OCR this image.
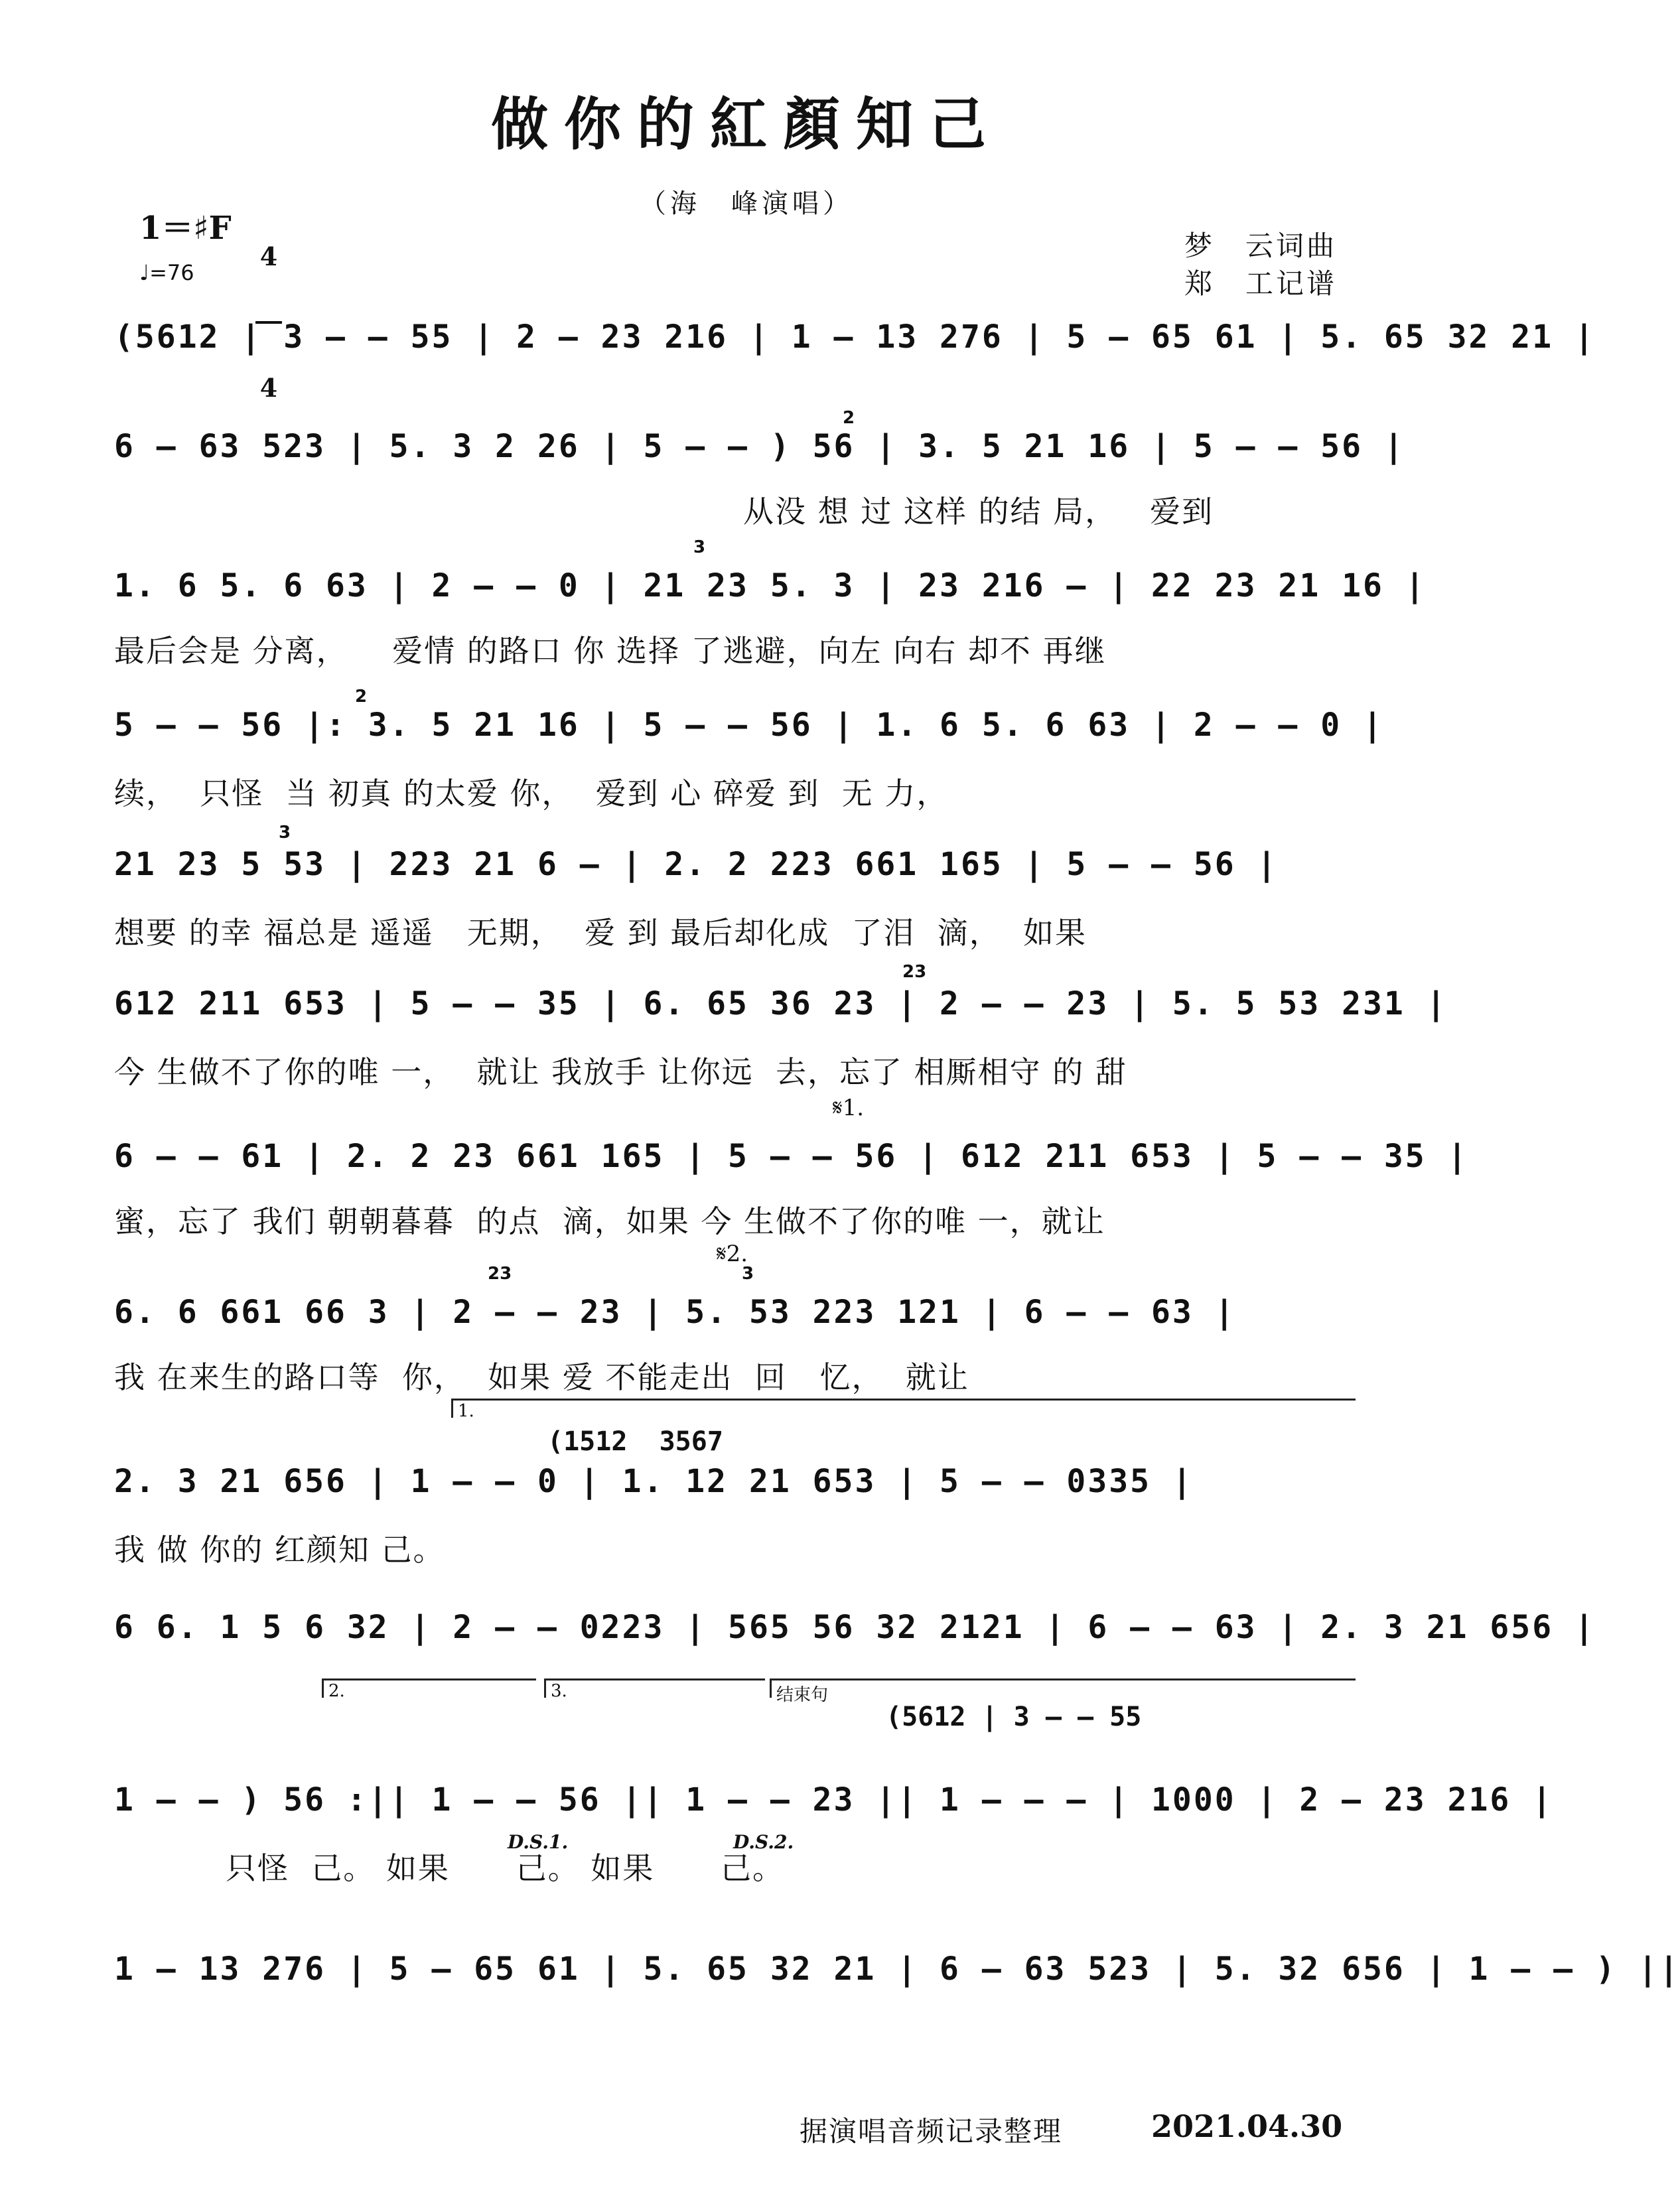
做你的紅顏知己
（海　峰演唱）
1＝♯F

4

4

♩=76
梦　云词曲
郑　工记谱
(5612 | 3 – – 55 | 2 – 23 216 | 1 – 13 276 | 5 – 65 61 | 5. 65 32 21 |
6 – 63 523 | 5. 3 2 26 | 5 – – ) 56 | 3. 5 21 16 | 5 – – 56 |
从没 想 过 这样 的结 局，   爱到
1. 6 5. 6 63 | 2 – – 0 | 21 23 5. 3 | 23 216 – | 22 23 21 16 |
最后会是 分离，    爱情 的路口 你 选择 了逃避，向左 向右 却不 再继
5 – – 56 |: 3. 5 21 16 | 5 – – 56 | 1. 6 5. 6 63 | 2 – – 0 |
续，  只怪  当 初真 的太爱 你，  爱到 心 碎爱 到  无 力，
21 23 5 53 | 223 21 6 – | 2. 2 223 661 165 | 5 – – 56 |
想要 的幸 福总是 遥遥   无期，  爱 到 最后却化成  了泪  滴，  如果
612 211 653 | 5 – – 35 | 6. 65 36 23 | 2 – – 23 | 5. 5 53 231 |
今 生做不了你的唯 一，  就让 我放手 让你远  去，忘了 相厮相守 的 甜
6 – – 61 | 2. 2 23 661 165 | 5 – – 56 | 612 211 653 | 5 – – 35 |
蜜，忘了 我们 朝朝暮暮  的点  滴，如果 今 生做不了你的唯 一，就让
6. 6 661 66 3 | 2 – – 23 | 5. 53 223 121 | 6 – – 63 |
我 在来生的路口等  你，  如果 爱 不能走出  回   忆，  就让
2. 3 21 656 | 1 – – 0 | 1. 12 21 653 | 5 – – 0335 |
我 做 你的 红颜知 己。
6 6. 1 5 6 32 | 2 – – 0223 | 565 56 32 2121 | 6 – – 63 | 2. 3 21 656 |
1 – – ) 56 :|| 1 – – 56 || 1 – – 23 || 1 – – – | 1000 | 2 – 23 216 |
只怪  己。 如果      己。 如果      己。
1 – 13 276 | 5 – 65 61 | 5. 65 32 21 | 6 – 63 523 | 5. 32 656 | 1 – – ) ||
3
2
2
3
23
23	3
𝄋1.
𝄋2.
(1512  3567
(5612 | 3 – – 55
1.
2.	3.	结束句
D.S.1.	D.S.2.
据演唱音频记录整理	2021.04.30
